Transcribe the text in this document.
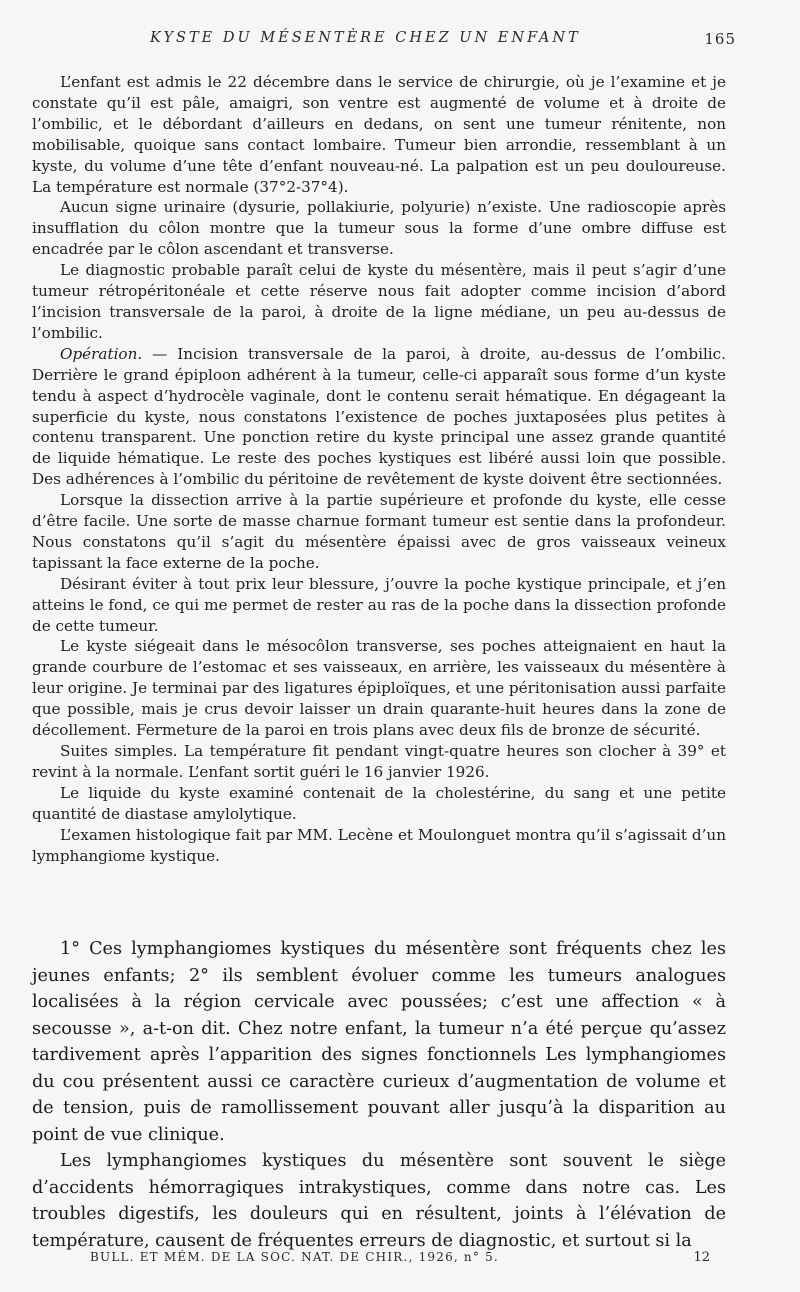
KYSTE DU MÉSENTÈRE CHEZ UN ENFANT	165

L’enfant est admis le 22 décembre dans le service de chirurgie, où je l’examine et je constate qu’il est pâle, amaigri, son ventre est augmenté de volume et à droite de l’ombilic, et le débordant d’ailleurs en dedans, on sent une tumeur rénitente, non mobilisable, quoique sans contact lombaire. Tumeur bien arrondie, ressemblant à un kyste, du volume d’une tête d’enfant nouveau-né. La palpation est un peu douloureuse. La température est normale (37°2-37°4).

Aucun signe urinaire (dysurie, pollakiurie, polyurie) n’existe. Une radioscopie après insufflation du côlon montre que la tumeur sous la forme d’une ombre diffuse est encadrée par le côlon ascendant et transverse.

Le diagnostic probable paraît celui de kyste du mésentère, mais il peut s’agir d’une tumeur rétropéritonéale et cette réserve nous fait adopter comme incision d’abord l’incision transversale de la paroi, à droite de la ligne médiane, un peu au-dessus de l’ombilic.

Opération. — Incision transversale de la paroi, à droite, au-dessus de l’ombilic. Derrière le grand épiploon adhérent à la tumeur, celle-ci apparaît sous forme d’un kyste tendu à aspect d’hydrocèle vaginale, dont le contenu serait hématique. En dégageant la superficie du kyste, nous constatons l’existence de poches juxtaposées plus petites à contenu transparent. Une ponction retire du kyste principal une assez grande quantité de liquide hématique. Le reste des poches kystiques est libéré aussi loin que possible. Des adhérences à l’ombilic du péritoine de revêtement de kyste doivent être sectionnées.

Lorsque la dissection arrive à la partie supérieure et profonde du kyste, elle cesse d’être facile. Une sorte de masse charnue formant tumeur est sentie dans la profondeur. Nous constatons qu’il s’agit du mésentère épaissi avec de gros vaisseaux veineux tapissant la face externe de la poche.

Désirant éviter à tout prix leur blessure, j’ouvre la poche kystique principale, et j’en atteins le fond, ce qui me permet de rester au ras de la poche dans la dissection profonde de cette tumeur.

Le kyste siégeait dans le mésocôlon transverse, ses poches atteignaient en haut la grande courbure de l’estomac et ses vaisseaux, en arrière, les vaisseaux du mésentère à leur origine. Je terminai par des ligatures épiploïques, et une péritonisation aussi parfaite que possible, mais je crus devoir laisser un drain quarante-huit heures dans la zone de décollement. Fermeture de la paroi en trois plans avec deux fils de bronze de sécurité.

Suites simples. La température fit pendant vingt-quatre heures son clocher à 39° et revint à la normale. L’enfant sortit guéri le 16 janvier 1926.

Le liquide du kyste examiné contenait de la cholestérine, du sang et une petite quantité de diastase amylolytique.

L’examen histologique fait par MM. Lecène et Moulonguet montra qu’il s’agissait d’un lymphangiome kystique.

1° Ces lymphangiomes kystiques du mésentère sont fréquents chez les jeunes enfants; 2° ils semblent évoluer comme les tumeurs analogues localisées à la région cervicale avec poussées; c’est une affection « à secousse », a-t-on dit. Chez notre enfant, la tumeur n’a été perçue qu’assez tardivement après l’apparition des signes fonctionnels Les lymphangiomes du cou présentent aussi ce caractère curieux d’augmentation de volume et de tension, puis de ramollissement pouvant aller jusqu’à la disparition au point de vue clinique.

Les lymphangiomes kystiques du mésentère sont souvent le siège d’accidents hémorragiques intrakystiques, comme dans notre cas. Les troubles digestifs, les douleurs qui en résultent, joints à l’élévation de température, causent de fréquentes erreurs de diagnostic, et surtout si la

BULL. ET MÉM. DE LA SOC. NAT. DE CHIR., 1926, n° 5.	12
